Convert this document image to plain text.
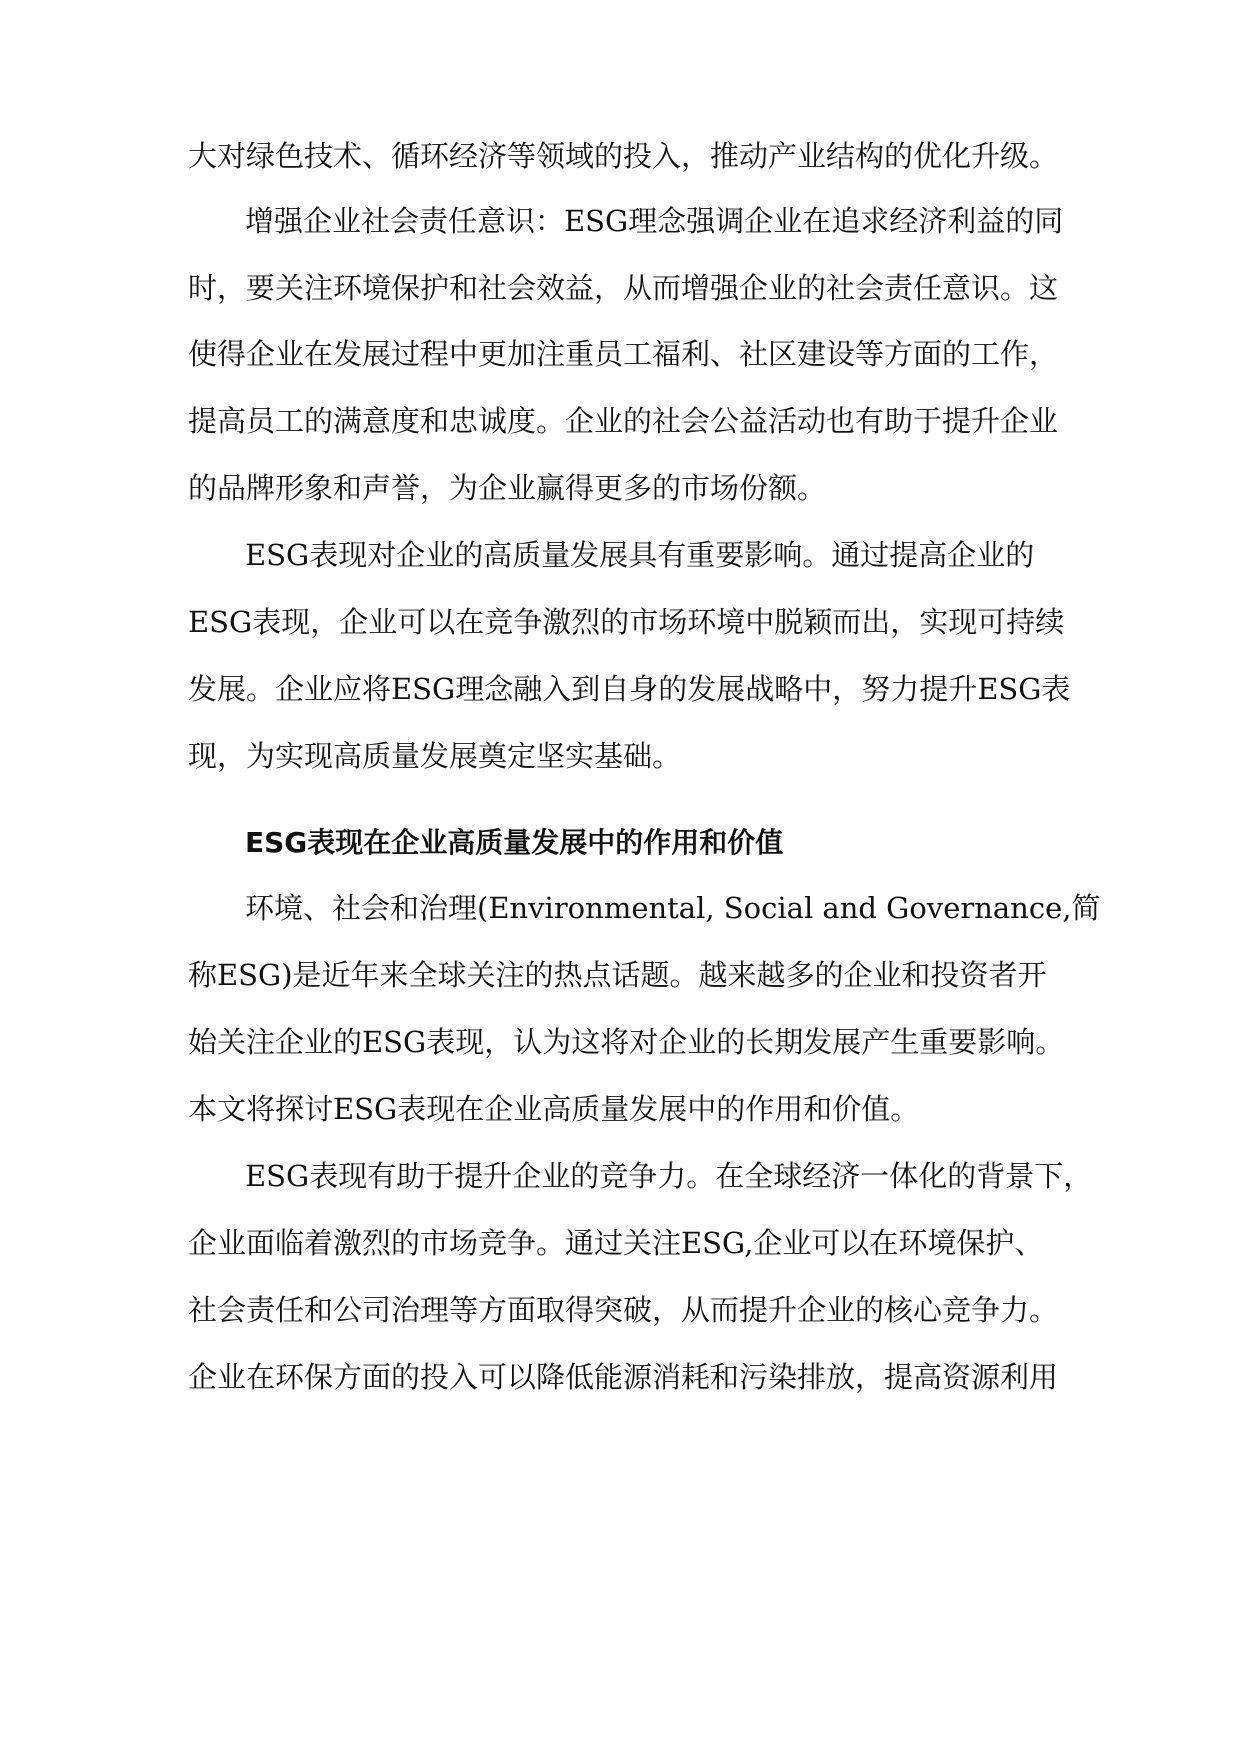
大对绿色技术、循环经济等领域的投入，推动产业结构的优化升级。

增强企业社会责任意识：ESG理念强调企业在追求经济利益的同

时，要关注环境保护和社会效益，从而增强企业的社会责任意识。这

使得企业在发展过程中更加注重员工福利、社区建设等方面的工作，

提高员工的满意度和忠诚度。企业的社会公益活动也有助于提升企业

的品牌形象和声誉，为企业赢得更多的市场份额。

ESG表现对企业的高质量发展具有重要影响。通过提高企业的

ESG表现，企业可以在竞争激烈的市场环境中脱颖而出，实现可持续

发展。企业应将ESG理念融入到自身的发展战略中，努力提升ESG表

现，为实现高质量发展奠定坚实基础。

ESG表现在企业高质量发展中的作用和价值

环境、社会和治理(Environmental, Social and Governance,简

称ESG)是近年来全球关注的热点话题。越来越多的企业和投资者开

始关注企业的ESG表现，认为这将对企业的长期发展产生重要影响。

本文将探讨ESG表现在企业高质量发展中的作用和价值。

ESG表现有助于提升企业的竞争力。在全球经济一体化的背景下，

企业面临着激烈的市场竞争。通过关注ESG,企业可以在环境保护、

社会责任和公司治理等方面取得突破，从而提升企业的核心竞争力。

企业在环保方面的投入可以降低能源消耗和污染排放，提高资源利用
